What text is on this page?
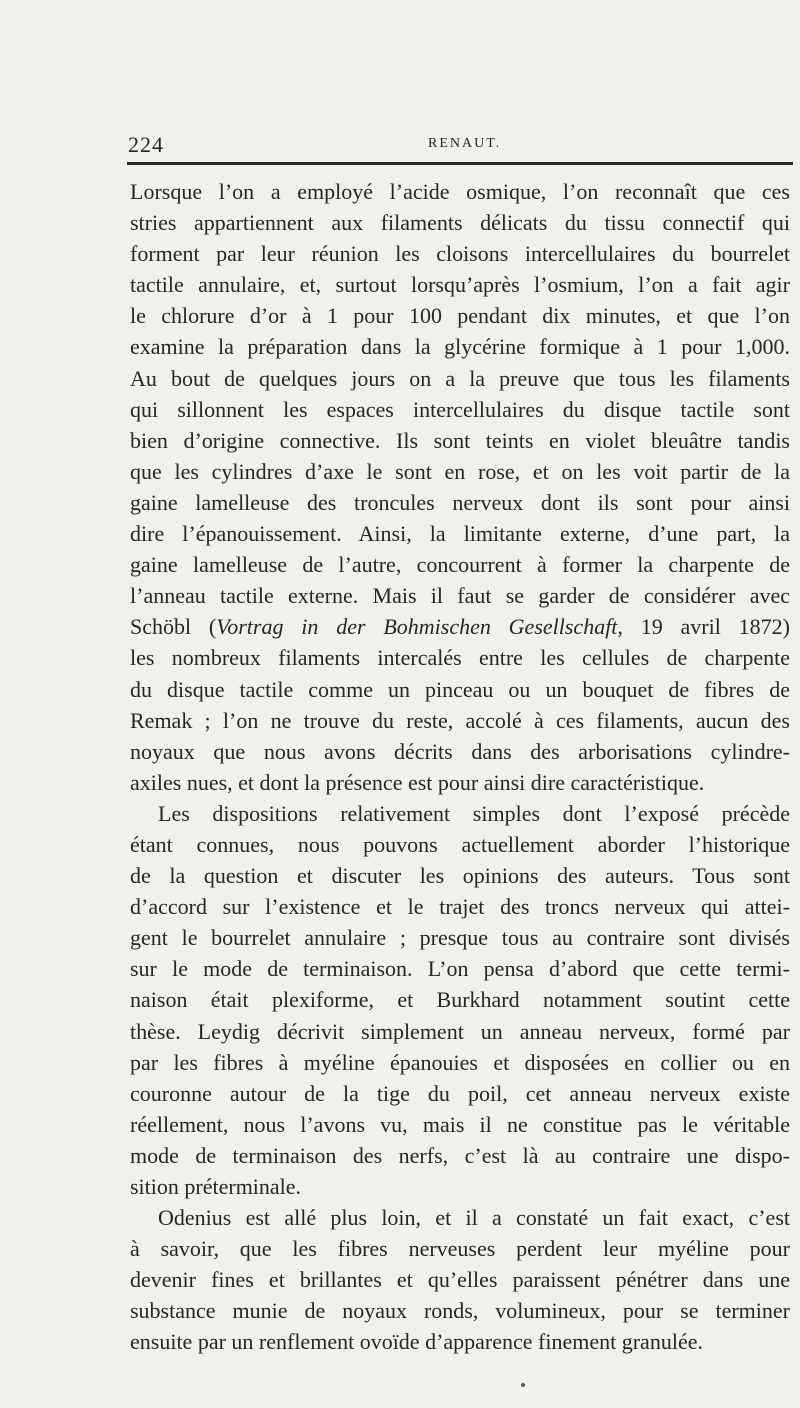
224	RENAUT.

Lorsque l’on a employé l’acide osmique, l’on reconnaît que ces
stries appartiennent aux filaments délicats du tissu connectif qui
forment par leur réunion les cloisons intercellulaires du bourrelet
tactile annulaire, et, surtout lorsqu’après l’osmium, l’on a fait agir
le chlorure d’or à 1 pour 100 pendant dix minutes, et que l’on
examine la préparation dans la glycérine formique à 1 pour 1,000.
Au bout de quelques jours on a la preuve que tous les filaments
qui sillonnent les espaces intercellulaires du disque tactile sont
bien d’origine connective. Ils sont teints en violet bleuâtre tandis
que les cylindres d’axe le sont en rose, et on les voit partir de la
gaine lamelleuse des troncules nerveux dont ils sont pour ainsi
dire l’épanouissement. Ainsi, la limitante externe, d’une part, la
gaine lamelleuse de l’autre, concourrent à former la charpente de
l’anneau tactile externe. Mais il faut se garder de considérer avec
Schöbl (Vortrag in der Bohmischen Gesellschaft, 19 avril 1872)
les nombreux filaments intercalés entre les cellules de charpente
du disque tactile comme un pinceau ou un bouquet de fibres de
Remak ; l’on ne trouve du reste, accolé à ces filaments, aucun des
noyaux que nous avons décrits dans des arborisations cylindre-
axiles nues, et dont la présence est pour ainsi dire caractéristique.

Les dispositions relativement simples dont l’exposé précède
étant connues, nous pouvons actuellement aborder l’historique
de la question et discuter les opinions des auteurs. Tous sont
d’accord sur l’existence et le trajet des troncs nerveux qui attei-
gent le bourrelet annulaire ; presque tous au contraire sont divisés
sur le mode de terminaison. L’on pensa d’abord que cette termi-
naison était plexiforme, et Burkhard notamment soutint cette
thèse. Leydig décrivit simplement un anneau nerveux, formé par
par les fibres à myéline épanouies et disposées en collier ou en
couronne autour de la tige du poil, cet anneau nerveux existe
réellement, nous l’avons vu, mais il ne constitue pas le véritable
mode de terminaison des nerfs, c’est là au contraire une dispo-
sition préterminale.

Odenius est allé plus loin, et il a constaté un fait exact, c’est
à savoir, que les fibres nerveuses perdent leur myéline pour
devenir fines et brillantes et qu’elles paraissent pénétrer dans une
substance munie de noyaux ronds, volumineux, pour se terminer
ensuite par un renflement ovoïde d’apparence finement granulée.
